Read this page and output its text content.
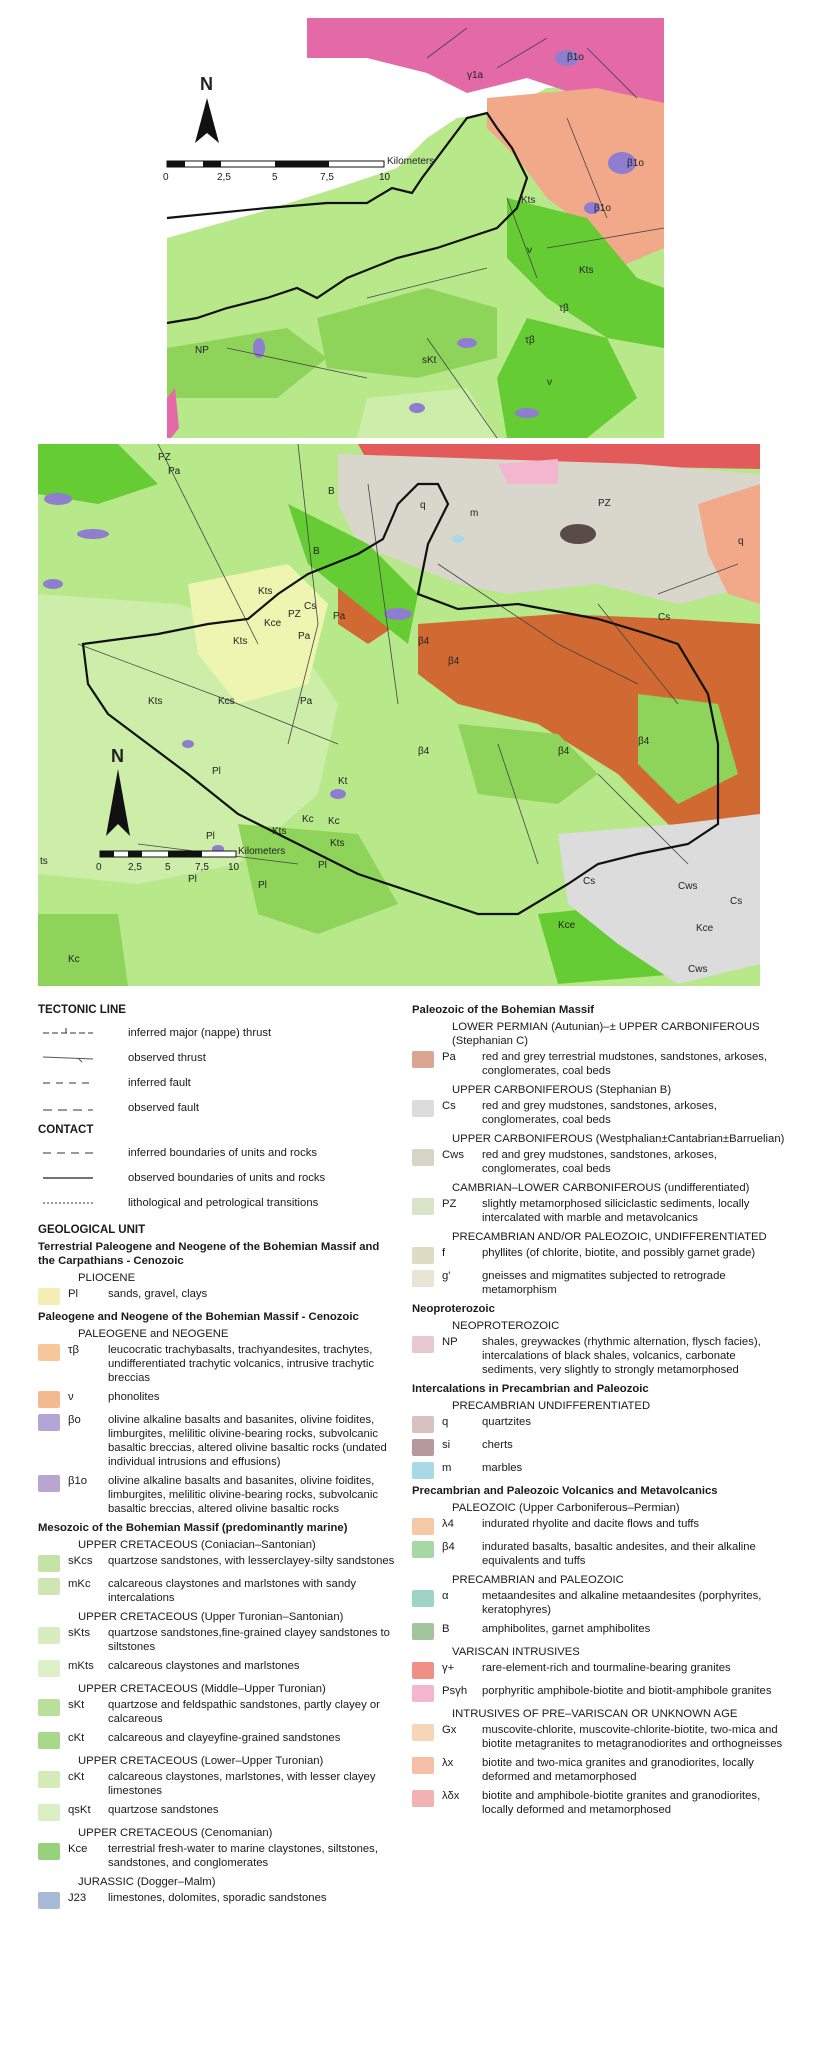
γ1a
β1o
β1o
Kts
ν
τβ
β1o
Kts
ν
τβ
sKt
NP
N
0	2,5	5	7,5	10
Kilometers
PZ
Pa
B
B
PZ
q
m
q
Kts
Kts
Kce
PZ
Cs
Pa
Pa	Cs
Pa
β4
β4
β4
β4
β4
Kts	Kcs
Pl
Pl
Pl
Pl
Pl
Kts
Kc
Kts
Kc
Kt
Kce
Cs	Cws
Cs
Kce
Kc
ts
Cws
N
0	2,5 5 7,5 10
Kilometers
TECTONIC LINE
inferred major (nappe) thrust
observed thrust
inferred fault
observed fault
CONTACT
inferred boundaries of units and rocks
observed boundaries of units and rocks
lithological and petrological transitions
GEOLOGICAL UNIT
Terrestrial Paleogene and Neogene of the Bohemian Massif and the Carpathians - Cenozoic
PLIOCENE
Pl	sands, gravel, clays
Paleogene and Neogene of the Bohemian Massif - Cenozoic
PALEOGENE and NEOGENE
τβ	leucocratic trachybasalts, trachyandesites, trachytes, undifferentiated trachytic volcanics, intrusive trachytic breccias
ν	phonolites
βo	olivine alkaline basalts and basanites, olivine foidites, limburgites, melilitic olivine-bearing rocks, subvolcanic basaltic breccias, altered olivine basaltic rocks (undated individual intrusions and effusions)
β1o	olivine alkaline basalts and basanites, olivine foidites, limburgites, melilitic olivine-bearing rocks, subvolcanic basaltic breccias, altered olivine basaltic rocks
Mesozoic of the Bohemian Massif (predominantly marine)
UPPER CRETACEOUS (Coniacian–Santonian)
sKcs	quartzose sandstones, with lesserclayey-silty sandstones
mKc	calcareous claystones and marlstones with sandy intercalations
UPPER CRETACEOUS (Upper Turonian–Santonian)
sKts	quartzose sandstones,fine-grained clayey sandstones to siltstones
mKts	calcareous claystones and marlstones
UPPER CRETACEOUS (Middle–Upper Turonian)
sKt	quartzose and feldspathic sandstones, partly clayey or calcareous
cKt	calcareous and clayeyfine-grained sandstones
UPPER CRETACEOUS (Lower–Upper Turonian)
cKt	calcareous claystones, marlstones, with lesser clayey limestones
qsKt	quartzose sandstones
UPPER CRETACEOUS (Cenomanian)
Kce	terrestrial fresh-water to marine claystones, siltstones, sandstones, and conglomerates
JURASSIC (Dogger–Malm)
J23	limestones, dolomites, sporadic sandstones
Paleozoic of the Bohemian Massif
LOWER PERMIAN (Autunian)–± UPPER CARBONIFEROUS (Stephanian C)
Pa	red and grey terrestrial mudstones, sandstones, arkoses, conglomerates, coal beds
UPPER CARBONIFEROUS (Stephanian B)
Cs	red and grey mudstones, sandstones, arkoses, conglomerates, coal beds
UPPER CARBONIFEROUS (Westphalian±Cantabrian±Barruelian)
Cws	red and grey mudstones, sandstones, arkoses, conglomerates, coal beds
CAMBRIAN–LOWER CARBONIFEROUS (undifferentiated)
PZ	slightly metamorphosed siliciclastic sediments, locally intercalated with marble and metavolcanics
PRECAMBRIAN AND/OR PALEOZOIC, UNDIFFERENTIATED
f	phyllites (of chlorite, biotite, and possibly garnet grade)
g'	gneisses and migmatites subjected to retrograde metamorphism
Neoproterozoic
NEOPROTEROZOIC
NP	shales, greywackes (rhythmic alternation, flysch facies), intercalations of black shales, volcanics, carbonate sediments, very slightly to strongly metamorphosed
Intercalations in Precambrian and Paleozoic
PRECAMBRIAN UNDIFFERENTIATED
q	quartzites
si	cherts
m	marbles
Precambrian and Paleozoic Volcanics and Metavolcanics
PALEOZOIC (Upper Carboniferous–Permian)
λ4	indurated rhyolite and dacite flows and tuffs
β4	indurated basalts, basaltic andesites, and their alkaline equivalents and tuffs
PRECAMBRIAN and PALEOZOIC
α	metaandesites and alkaline metaandesites (porphyrites, keratophyres)
B	amphibolites, garnet amphibolites
VARISCAN INTRUSIVES
γ+	rare-element-rich and tourmaline-bearing granites
Psγh	porphyritic amphibole-biotite and biotit-amphibole granites
INTRUSIVES OF PRE–VARISCAN OR UNKNOWN AGE
Gx	muscovite-chlorite, muscovite-chlorite-biotite, two-mica and biotite metagranites to metagranodiorites and orthogneisses
λx	biotite and two-mica granites and granodiorites, locally deformed and metamorphosed
λδx	biotite and amphibole-biotite granites and granodiorites, locally deformed and metamorphosed
